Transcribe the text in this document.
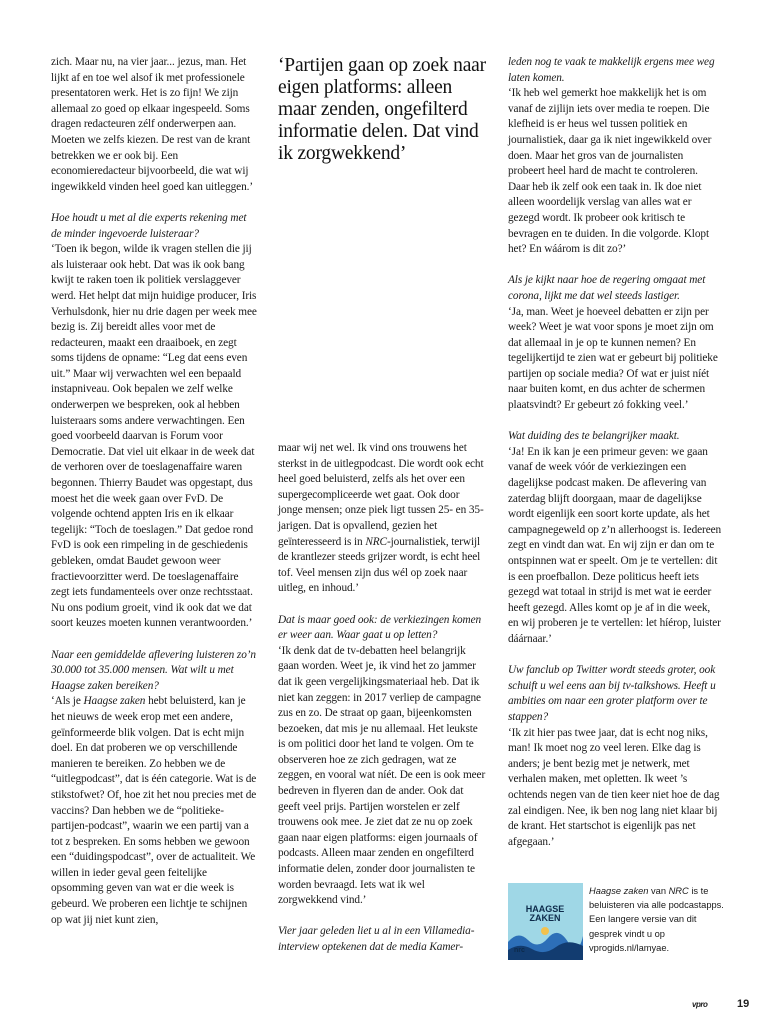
zich. Maar nu, na vier jaar... jezus, man. Het lijkt af en toe wel alsof ik met professionele presentatoren werk. Het is zo fijn! We zijn allemaal zo goed op elkaar ingespeeld. Soms dragen redacteuren zélf onderwerpen aan. Moeten we zelfs kiezen. De rest van de krant betrekken we er ook bij. Een economieredacteur bijvoorbeeld, die wat wij ingewikkeld vinden heel goed kan uitleggen.’

Hoe houdt u met al die experts rekening met de minder ingevoerde luisteraar?

‘Toen ik begon, wilde ik vragen stellen die jij als luisteraar ook hebt. Dat was ik ook bang kwijt te raken toen ik politiek verslaggever werd. Het helpt dat mijn huidige producer, Iris Verhulsdonk, hier nu drie dagen per week mee bezig is. Zij bereidt alles voor met de redacteuren, maakt een draaiboek, en zegt soms tijdens de opname: “Leg dat eens even uit.” Maar wij verwachten wel een bepaald instapniveau. Ook bepalen we zelf welke onderwerpen we bespreken, ook al hebben luisteraars soms andere verwachtingen. Een goed voorbeeld daarvan is Forum voor Democratie. Dat viel uit elkaar in de week dat de verhoren over de toeslagenaffaire waren begonnen. Thierry Baudet was opgestapt, dus moest het die week gaan over FvD. De volgende ochtend appten Iris en ik elkaar tegelijk: “Toch de toeslagen.” Dat gedoe rond FvD is ook een rimpeling in de geschiedenis gebleken, omdat Baudet gewoon weer fractievoorzitter werd. De toeslagenaffaire zegt iets fundamenteels over onze rechtsstaat. Nu ons podium groeit, vind ik ook dat we dat soort keuzes moeten kunnen verantwoorden.’

Naar een gemiddelde aflevering luisteren zo’n 30.000 tot 35.000 mensen. Wat wilt u met Haagse zaken bereiken?

‘Als je Haagse zaken hebt beluisterd, kan je het nieuws de week erop met een andere, geïnformeerde blik volgen. Dat is echt mijn doel. En dat proberen we op verschillende manieren te bereiken. Zo hebben we de “uitlegpodcast”, dat is één categorie. Wat is de stikstofwet? Of, hoe zit het nou precies met de vaccins? Dan hebben we de “politieke-partijen-podcast”, waarin we een partij van a tot z bespreken. En soms hebben we gewoon een “duidingspodcast”, over de actualiteit. We willen in ieder geval geen feitelijke opsomming geven van wat er die week is gebeurd. We proberen een lichtje te schijnen op wat jij niet kunt zien,

‘Partijen gaan op zoek naar eigen platforms: alleen maar zenden, ongefilterd informatie delen. Dat vind ik zorgwekkend’

maar wij net wel. Ik vind ons trouwens het sterkst in de uitlegpodcast. Die wordt ook echt heel goed beluisterd, zelfs als het over een supergecompliceerde wet gaat. Ook door jonge mensen; onze piek ligt tussen 25- en 35-jarigen. Dat is opvallend, gezien het geïnteresseerd is in NRC-journalistiek, terwijl de krantlezer steeds grijzer wordt, is echt heel tof. Veel mensen zijn dus wél op zoek naar uitleg, en inhoud.’

Dat is maar goed ook: de verkiezingen komen er weer aan. Waar gaat u op letten?

‘Ik denk dat de tv-debatten heel belangrijk gaan worden. Weet je, ik vind het zo jammer dat ik geen vergelijkingsmateriaal heb. Dat ik niet kan zeggen: in 2017 verliep de campagne zus en zo. De straat op gaan, bijeenkomsten bezoeken, dat mis je nu allemaal. Het leukste is om politici door het land te volgen. Om te observeren hoe ze zich gedragen, wat ze zeggen, en vooral wat níét. De een is ook meer bedreven in flyeren dan de ander. Ook dat geeft veel prijs. Partijen worstelen er zelf trouwens ook mee. Je ziet dat ze nu op zoek gaan naar eigen platforms: eigen journaals of podcasts. Alleen maar zenden en ongefilterd informatie delen, zonder door journalisten te worden bevraagd. Iets wat ik wel zorgwekkend vind.’

Vier jaar geleden liet u al in een Villamedia-interview optekenen dat de media Kamer-

leden nog te vaak te makkelijk ergens mee weg laten komen.

‘Ik heb wel gemerkt hoe makkelijk het is om vanaf de zijlijn iets over media te roepen. Die klefheid is er heus wel tussen politiek en journalistiek, daar ga ik niet ingewikkeld over doen. Maar het gros van de journalisten probeert heel hard de macht te controleren. Daar heb ik zelf ook een taak in. Ik doe niet alleen woordelijk verslag van alles wat er gezegd wordt. Ik probeer ook kritisch te bevragen en te duiden. In die volgorde. Klopt het? En wáárom is dit zo?’

Als je kijkt naar hoe de regering omgaat met corona, lijkt me dat wel steeds lastiger.

‘Ja, man. Weet je hoeveel debatten er zijn per week? Weet je wat voor spons je moet zijn om dat allemaal in je op te kunnen nemen? En tegelijkertijd te zien wat er gebeurt bij politieke partijen op sociale media? Of wat er juist níét naar buiten komt, en dus achter de schermen plaatsvindt? Er gebeurt zó fokking veel.’

Wat duiding des te belangrijker maakt.

‘Ja! En ik kan je een primeur geven: we gaan vanaf de week vóór de verkiezingen een dagelijkse podcast maken. De aflevering van zaterdag blijft doorgaan, maar de dagelijkse wordt eigenlijk een soort korte update, als het campagnegeweld op z’n allerhoogst is. Iedereen zegt en vindt dan wat. En wij zijn er dan om te ontspinnen wat er speelt. Om je te vertellen: dit is een proefballon. Deze politicus heeft iets gezegd wat totaal in strijd is met wat ie eerder heeft gezegd. Alles komt op je af in die week, en wij proberen je te vertellen: let híérop, luister dáárnaar.’

Uw fanclub op Twitter wordt steeds groter, ook schuift u wel eens aan bij tv-talkshows. Heeft u ambities om naar een groter platform over te stappen?

‘Ik zit hier pas twee jaar, dat is echt nog niks, man! Ik moet nog zo veel leren. Elke dag is anders; je bent bezig met je netwerk, met verhalen maken, met opletten. Ik weet ’s ochtends negen van de tien keer niet hoe de dag zal eindigen. Nee, ik ben nog lang niet klaar bij de krant. Het startschot is eigenlijk pas net afgegaan.’

HAAGSE ZAKEN
nrc
Haagse zaken van NRC is te beluisteren via alle podcastapps. Een langere versie van dit gesprek vindt u op vprogids.nl/lamyae.
vpro	19
